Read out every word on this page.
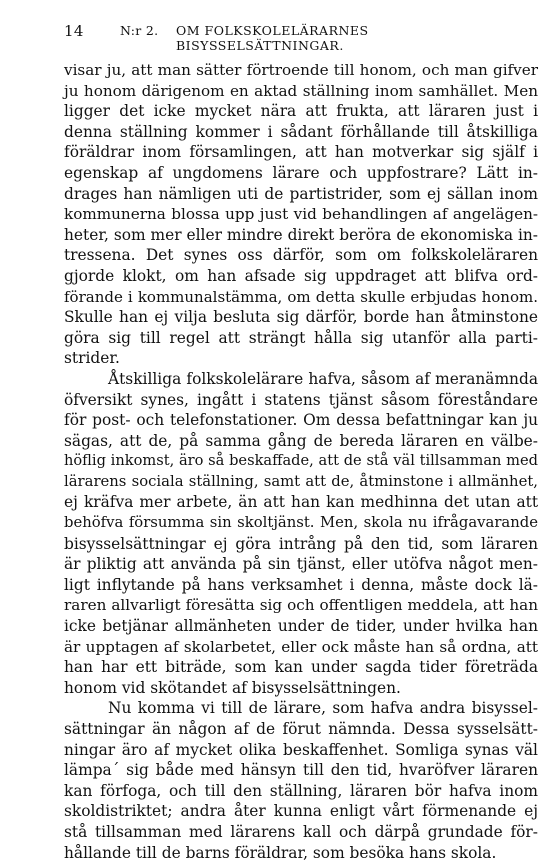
14	N:r 2. OM FOLKSKOLELÄRARNES BISYSSELSÄTTNINGAR.
visar ju, att man sätter förtroende till honom, och man gifver
ju honom därigenom en aktad ställning inom samhället. Men
ligger det icke mycket nära att frukta, att läraren just i
denna ställning kommer i sådant förhållande till åtskilliga
föräldrar inom församlingen, att han motverkar sig själf i
egenskap af ungdomens lärare och uppfostrare? Lätt in-
drages han nämligen uti de partistrider, som ej sällan inom
kommunerna blossa upp just vid behandlingen af angelägen-
heter, som mer eller mindre direkt beröra de ekonomiska in-
tressena. Det synes oss därför, som om folkskoleläraren
gjorde klokt, om han afsade sig uppdraget att blifva ord-
förande i kommunalstämma, om detta skulle erbjudas honom.
Skulle han ej vilja besluta sig därför, borde han åtminstone
göra sig till regel att strängt hålla sig utanför alla parti-
strider.
Åtskilliga folkskolelärare hafva, såsom af meranämnda
öfversikt synes, ingått i statens tjänst såsom föreståndare
för post- och telefonstationer. Om dessa befattningar kan ju
sägas, att de, på samma gång de bereda läraren en välbe-
höflig inkomst, äro så beskaffade, att de stå väl tillsamman med
lärarens sociala ställning, samt att de, åtminstone i allmänhet,
ej kräfva mer arbete, än att han kan medhinna det utan att
behöfva försumma sin skoltjänst. Men, skola nu ifrågavarande
bisysselsättningar ej göra intrång på den tid, som läraren
är pliktig att använda på sin tjänst, eller utöfva något men-
ligt inflytande på hans verksamhet i denna, måste dock lä-
raren allvarligt föresätta sig och offentligen meddela, att han
icke betjänar allmänheten under de tider, under hvilka han
är upptagen af skolarbetet, eller ock måste han så ordna, att
han har ett biträde, som kan under sagda tider företräda
honom vid skötandet af bisysselsättningen.
Nu komma vi till de lärare, som hafva andra bisyssel-
sättningar än någon af de förut nämnda. Dessa sysselsätt-
ningar äro af mycket olika beskaffenhet. Somliga synas väl
lämpa´ sig både med hänsyn till den tid, hvaröfver läraren
kan förfoga, och till den ställning, läraren bör hafva inom
skoldistriktet; andra åter kunna enligt vårt förmenande ej
stå tillsamman med lärarens kall och därpå grundade för-
hållande till de barns föräldrar, som besöka hans skola.
